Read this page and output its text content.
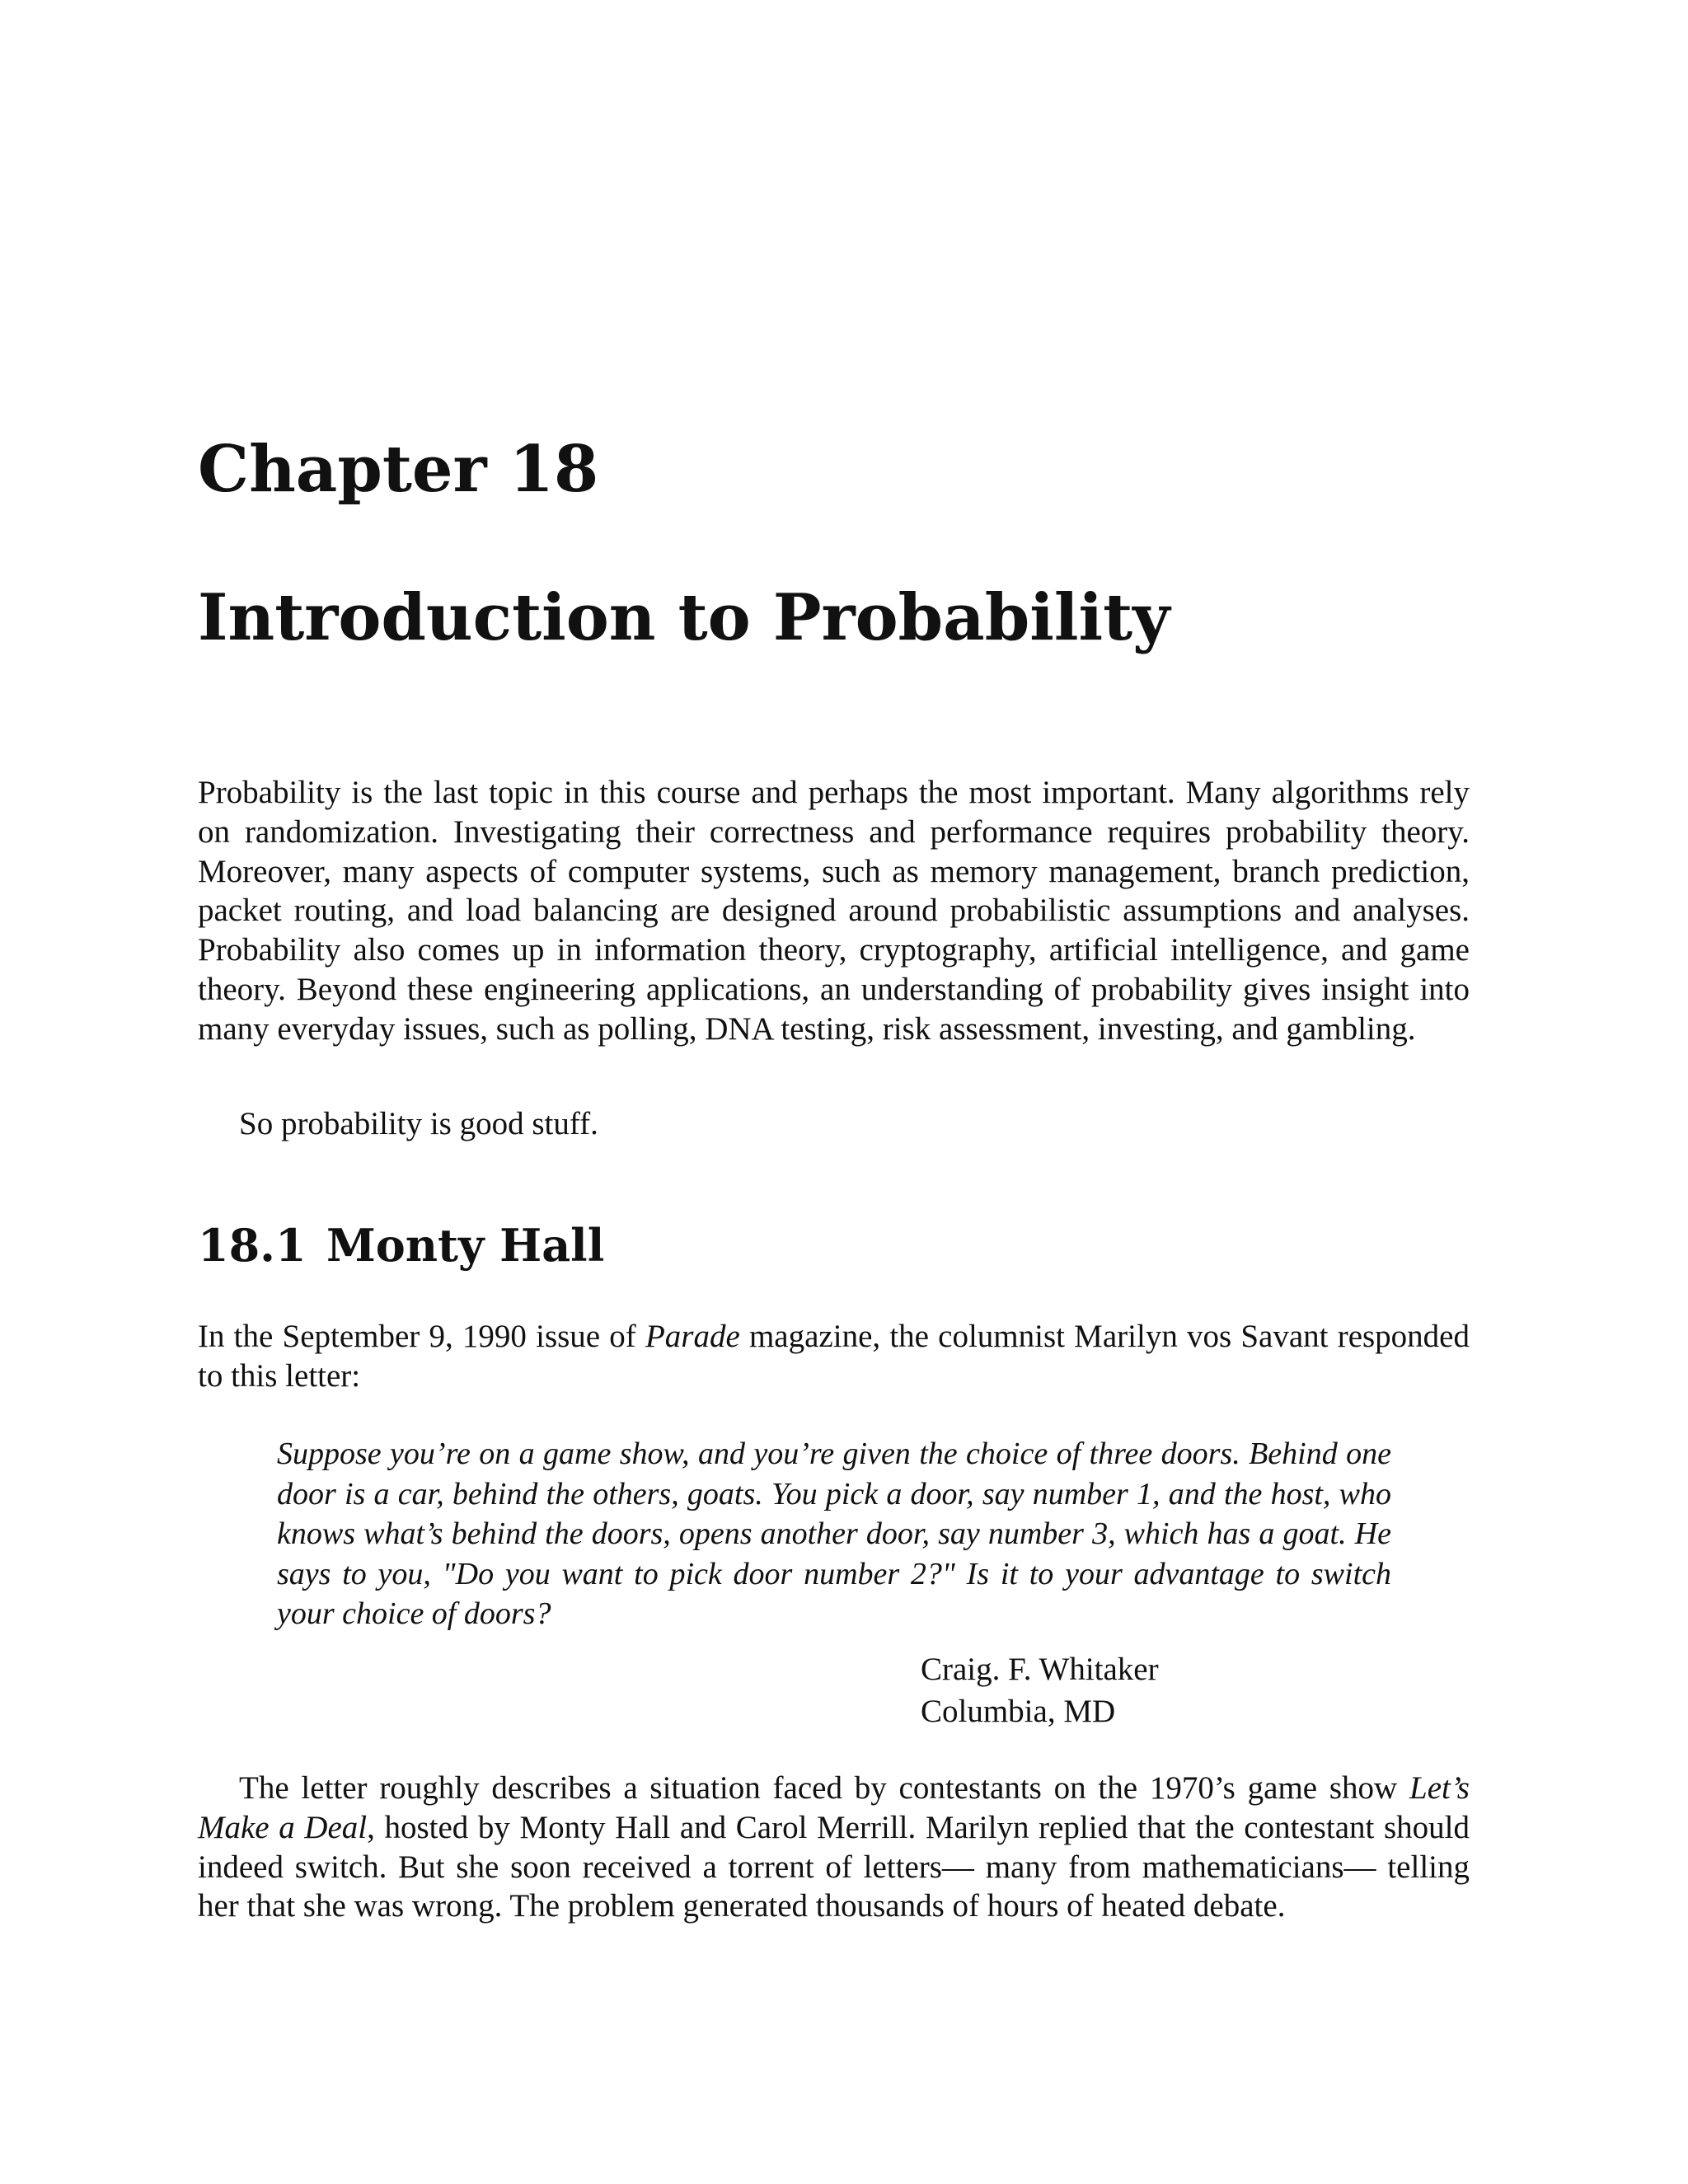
Chapter 18
Introduction to Probability

Probability is the last topic in this course and perhaps the most important. Many algorithms rely on randomization. Investigating their correctness and performance requires probability theory. Moreover, many aspects of computer systems, such as memory management, branch prediction, packet routing, and load balancing are designed around probabilistic assumptions and analyses. Probability also comes up in information theory, cryptography, artificial intelligence, and game theory. Beyond these engineering applications, an understanding of probability gives insight into many everyday issues, such as polling, DNA testing, risk assessment, investing, and gambling.

So probability is good stuff.

18.1 Monty Hall

In the September 9, 1990 issue of Parade magazine, the columnist Marilyn vos Savant responded to this letter:

Suppose you’re on a game show, and you’re given the choice of three doors. Behind one door is a car, behind the others, goats. You pick a door, say number 1, and the host, who knows what’s behind the doors, opens another door, say number 3, which has a goat. He says to you, "Do you want to pick door number 2?" Is it to your advantage to switch your choice of doors?

Craig. F. Whitaker
Columbia, MD

The letter roughly describes a situation faced by contestants on the 1970’s game show Let’s Make a Deal, hosted by Monty Hall and Carol Merrill. Marilyn replied that the contestant should indeed switch. But she soon received a torrent of letters— many from mathematicians— telling her that she was wrong. The problem generated thousands of hours of heated debate.
